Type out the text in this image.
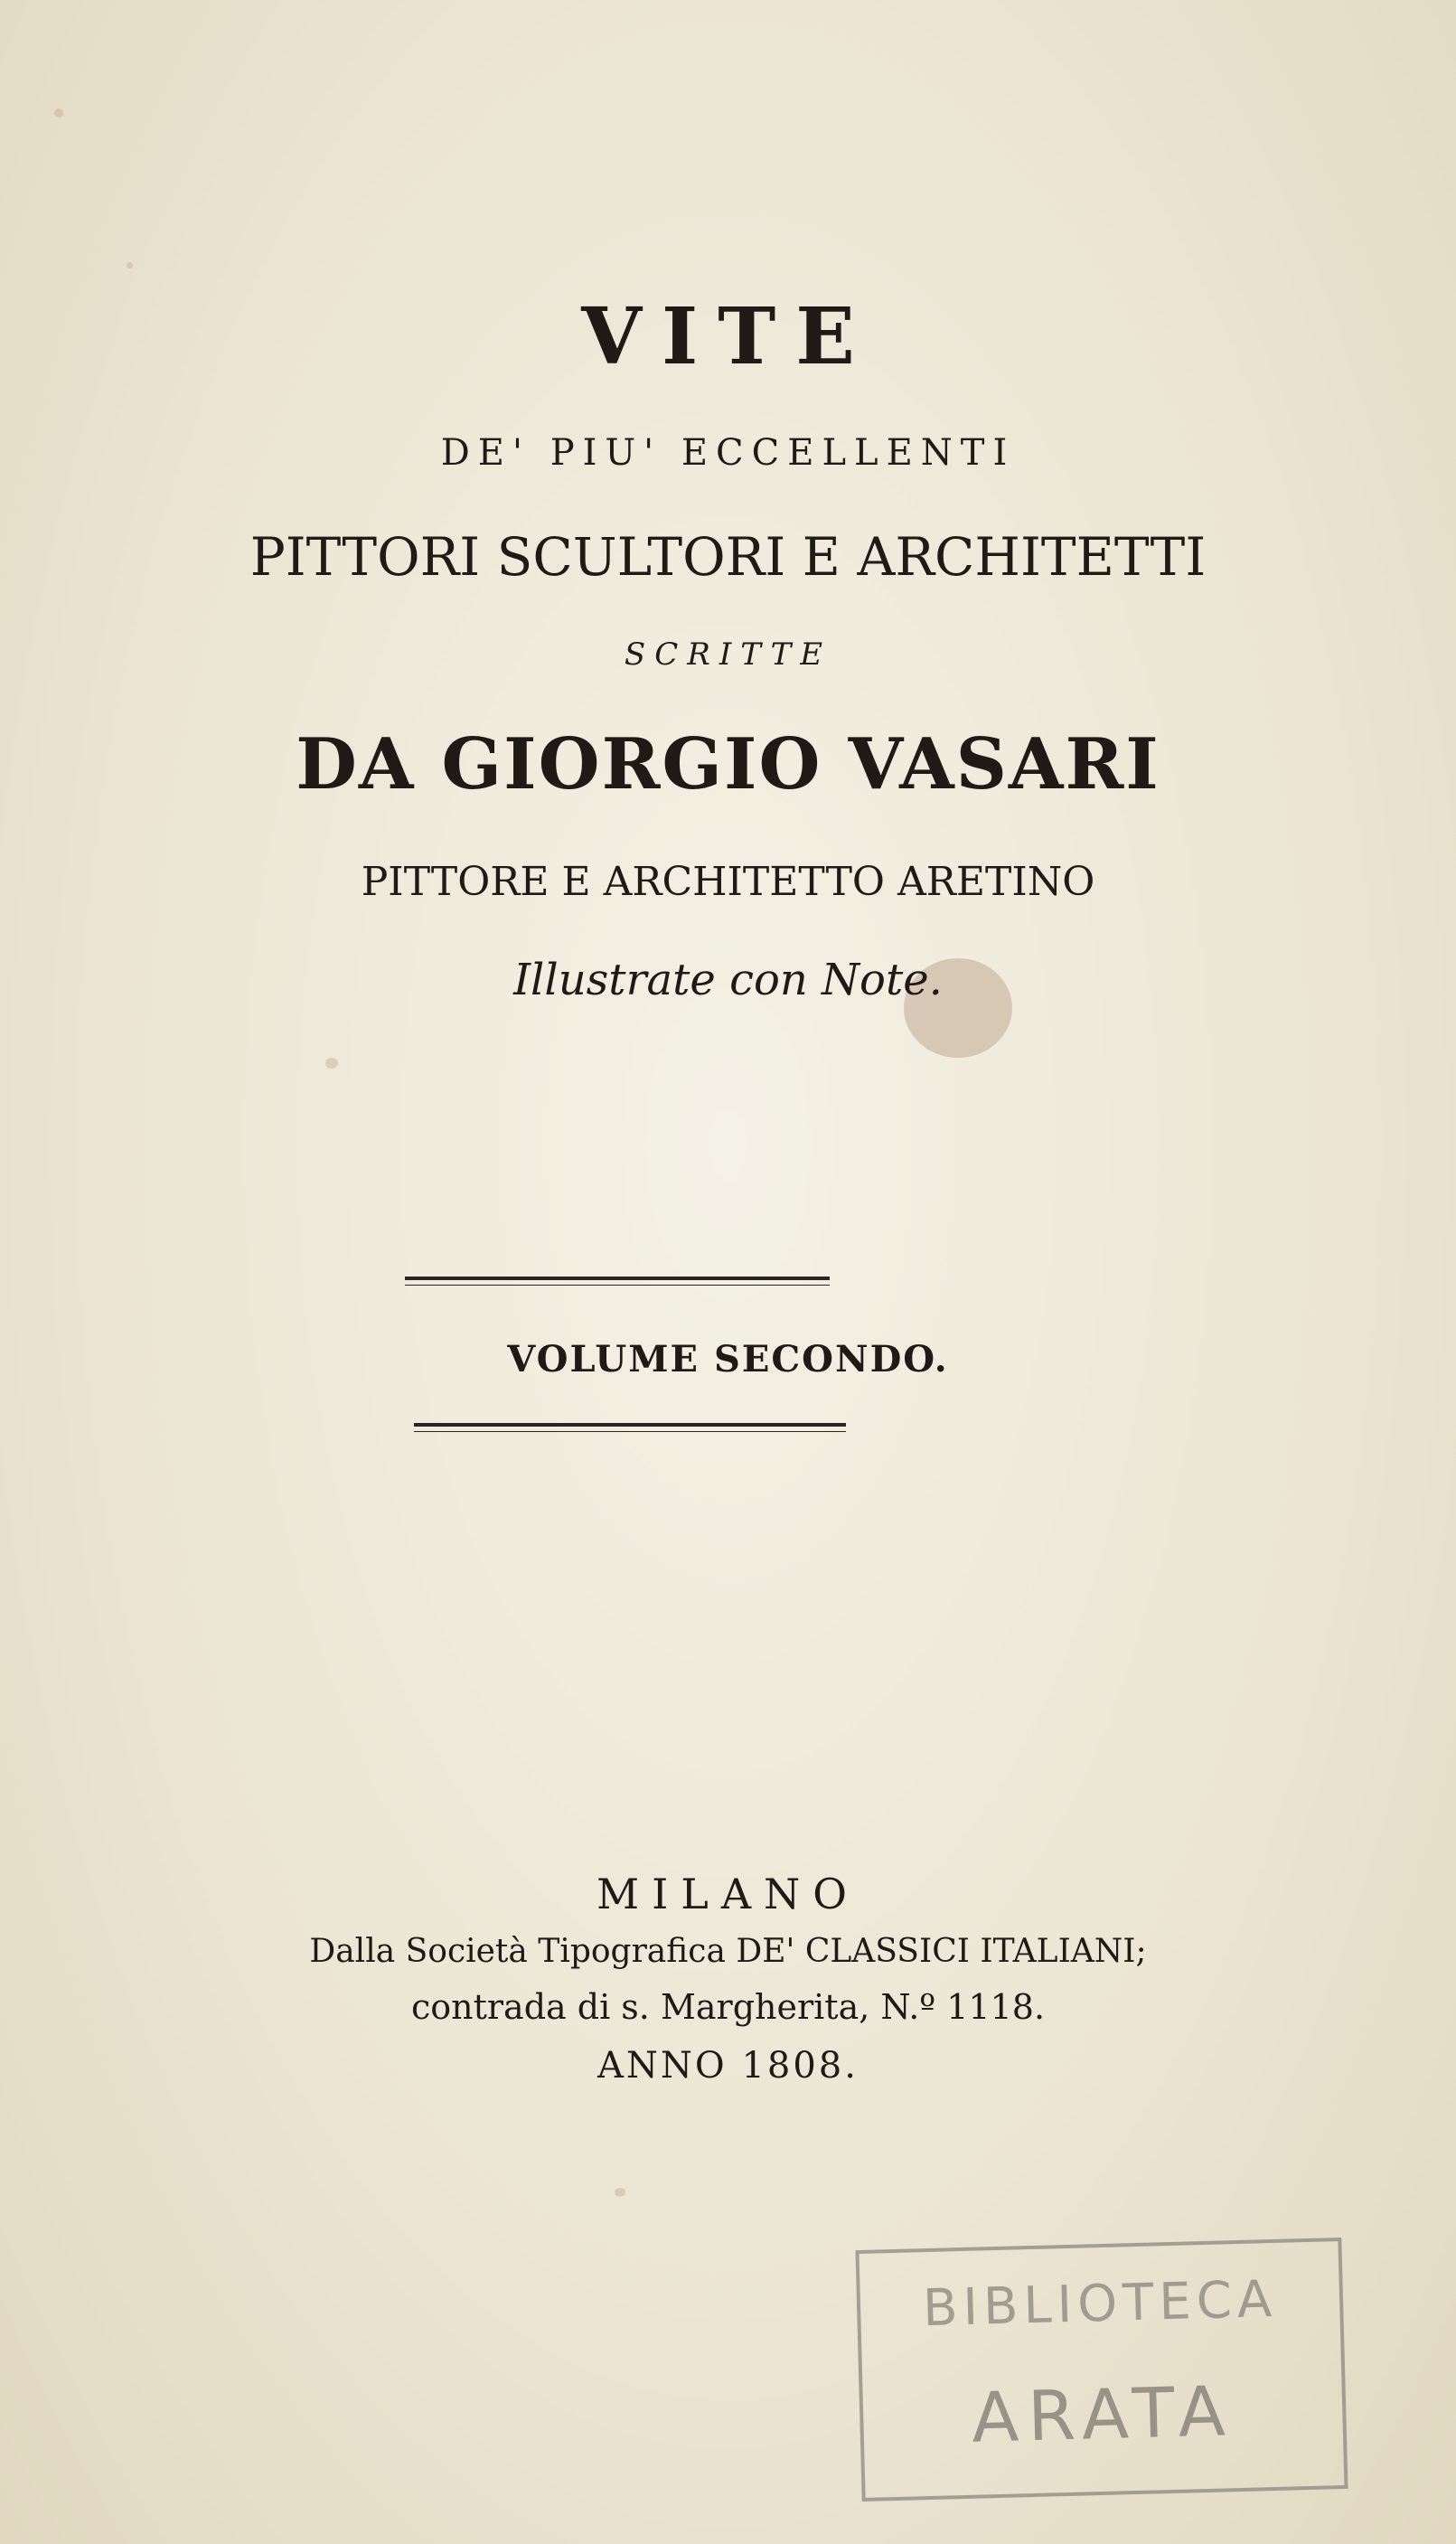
VITE
DE' PIU' ECCELLENTI
PITTORI SCULTORI E ARCHITETTI
SCRITTE
DA GIORGIO VASARI
PITTORE E ARCHITETTO ARETINO
Illustrate con Note.
VOLUME SECONDO.
MILANO
Dalla Società Tipografica DE' CLASSICI ITALIANI;
contrada di s. Margherita, N.º 1118.
ANNO 1808.
BIBLIOTECA
ARATA
